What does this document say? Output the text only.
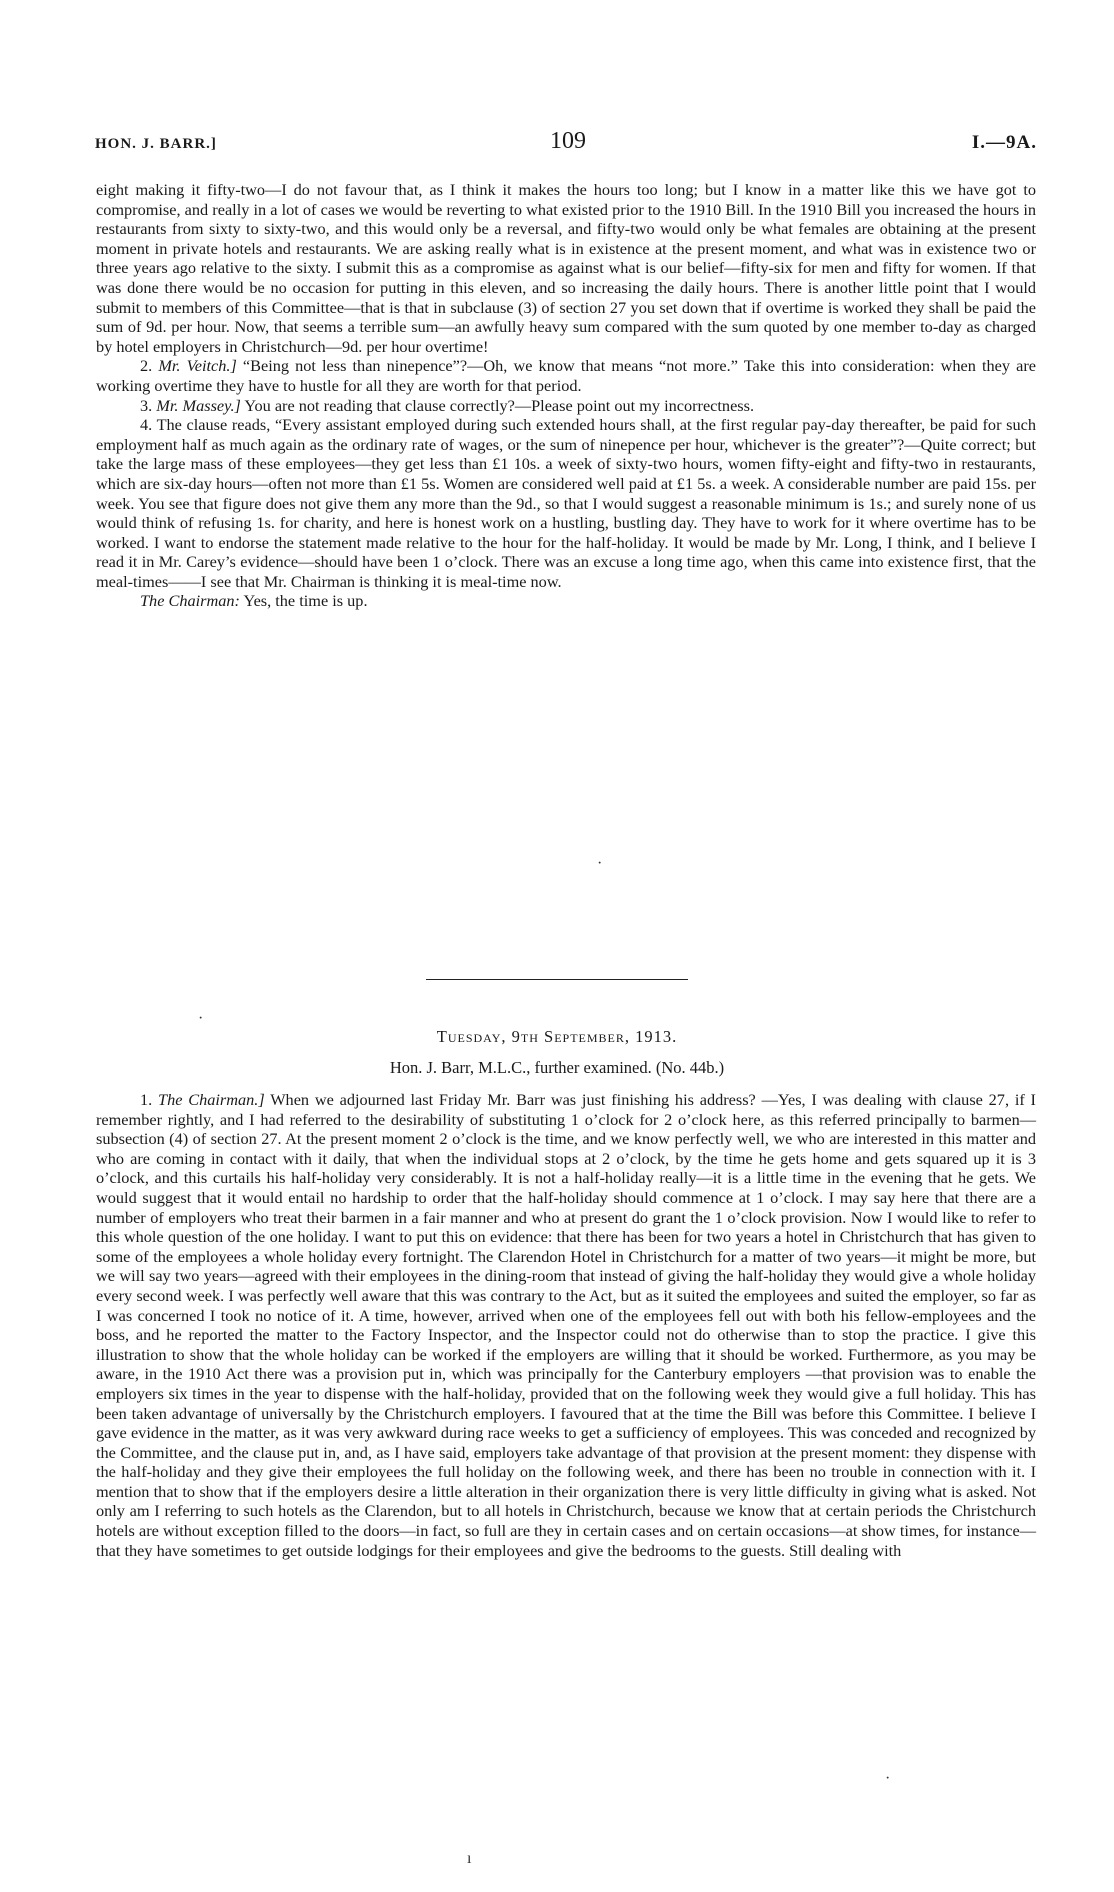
HON. J. BARR.]	109	I.—9A.

eight making it fifty-two—I do not favour that, as I think it makes the hours too long; but I know in a matter like this we have got to compromise, and really in a lot of cases we would be reverting to what existed prior to the 1910 Bill. In the 1910 Bill you increased the hours in restaurants from sixty to sixty-two, and this would only be a reversal, and fifty-two would only be what females are obtaining at the present moment in private hotels and restaurants. We are asking really what is in existence at the present moment, and what was in existence two or three years ago relative to the sixty. I submit this as a compromise as against what is our belief—fifty-six for men and fifty for women. If that was done there would be no occasion for putting in this eleven, and so increasing the daily hours. There is another little point that I would submit to members of this Committee—that is that in subclause (3) of section 27 you set down that if overtime is worked they shall be paid the sum of 9d. per hour. Now, that seems a terrible sum—an awfully heavy sum compared with the sum quoted by one member to-day as charged by hotel employers in Christchurch—9d. per hour overtime!

2. Mr. Veitch.] “Being not less than ninepence”?—Oh, we know that means “not more.” Take this into consideration: when they are working overtime they have to hustle for all they are worth for that period.

3. Mr. Massey.] You are not reading that clause correctly?—Please point out my incorrectness.

4. The clause reads, “Every assistant employed during such extended hours shall, at the first regular pay-day thereafter, be paid for such employment half as much again as the ordinary rate of wages, or the sum of ninepence per hour, whichever is the greater”?—Quite correct; but take the large mass of these employees—they get less than £1 10s. a week of sixty-two hours, women fifty-eight and fifty-two in restaurants, which are six-day hours—often not more than £1 5s. Women are considered well paid at £1 5s. a week. A considerable number are paid 15s. per week. You see that figure does not give them any more than the 9d., so that I would suggest a reasonable minimum is 1s.; and surely none of us would think of refusing 1s. for charity, and here is honest work on a hustling, bustling day. They have to work for it where overtime has to be worked. I want to endorse the statement made relative to the hour for the half-holiday. It would be made by Mr. Long, I think, and I believe I read it in Mr. Carey’s evidence—should have been 1 o’clock. There was an excuse a long time ago, when this came into existence first, that the meal-times——I see that Mr. Chairman is thinking it is meal-time now.

The Chairman: Yes, the time is up.

Tuesday, 9th September, 1913.
Hon. J. Barr, M.L.C., further examined. (No. 44b.)

1. The Chairman.] When we adjourned last Friday Mr. Barr was just finishing his address? —Yes, I was dealing with clause 27, if I remember rightly, and I had referred to the desirability of substituting 1 o’clock for 2 o’clock here, as this referred principally to barmen—subsection (4) of section 27. At the present moment 2 o’clock is the time, and we know perfectly well, we who are interested in this matter and who are coming in contact with it daily, that when the individual stops at 2 o’clock, by the time he gets home and gets squared up it is 3 o’clock, and this curtails his half-holiday very considerably. It is not a half-holiday really—it is a little time in the evening that he gets. We would suggest that it would entail no hardship to order that the half-holiday should commence at 1 o’clock. I may say here that there are a number of employers who treat their barmen in a fair manner and who at present do grant the 1 o’clock provision. Now I would like to refer to this whole question of the one holiday. I want to put this on evidence: that there has been for two years a hotel in Christchurch that has given to some of the employees a whole holiday every fortnight. The Clarendon Hotel in Christchurch for a matter of two years—it might be more, but we will say two years—agreed with their employees in the dining-room that instead of giving the half-holiday they would give a whole holiday every second week. I was perfectly well aware that this was contrary to the Act, but as it suited the employees and suited the employer, so far as I was concerned I took no notice of it. A time, however, arrived when one of the employees fell out with both his fellow-employees and the boss, and he reported the matter to the Factory Inspector, and the Inspector could not do otherwise than to stop the practice. I give this illustration to show that the whole holiday can be worked if the employers are willing that it should be worked. Furthermore, as you may be aware, in the 1910 Act there was a provision put in, which was principally for the Canterbury employers —that provision was to enable the employers six times in the year to dispense with the half-holiday, provided that on the following week they would give a full holiday. This has been taken advantage of universally by the Christchurch employers. I favoured that at the time the Bill was before this Committee. I believe I gave evidence in the matter, as it was very awkward during race weeks to get a sufficiency of employees. This was conceded and recognized by the Committee, and the clause put in, and, as I have said, employers take advantage of that provision at the present moment: they dispense with the half-holiday and they give their employees the full holiday on the following week, and there has been no trouble in connection with it. I mention that to show that if the employers desire a little alteration in their organization there is very little difficulty in giving what is asked. Not only am I referring to such hotels as the Clarendon, but to all hotels in Christchurch, because we know that at certain periods the Christchurch hotels are without exception filled to the doors—in fact, so full are they in certain cases and on certain occasions—at show times, for instance—that they have sometimes to get outside lodgings for their employees and give the bedrooms to the guests. Still dealing with

·
·
·
ı
